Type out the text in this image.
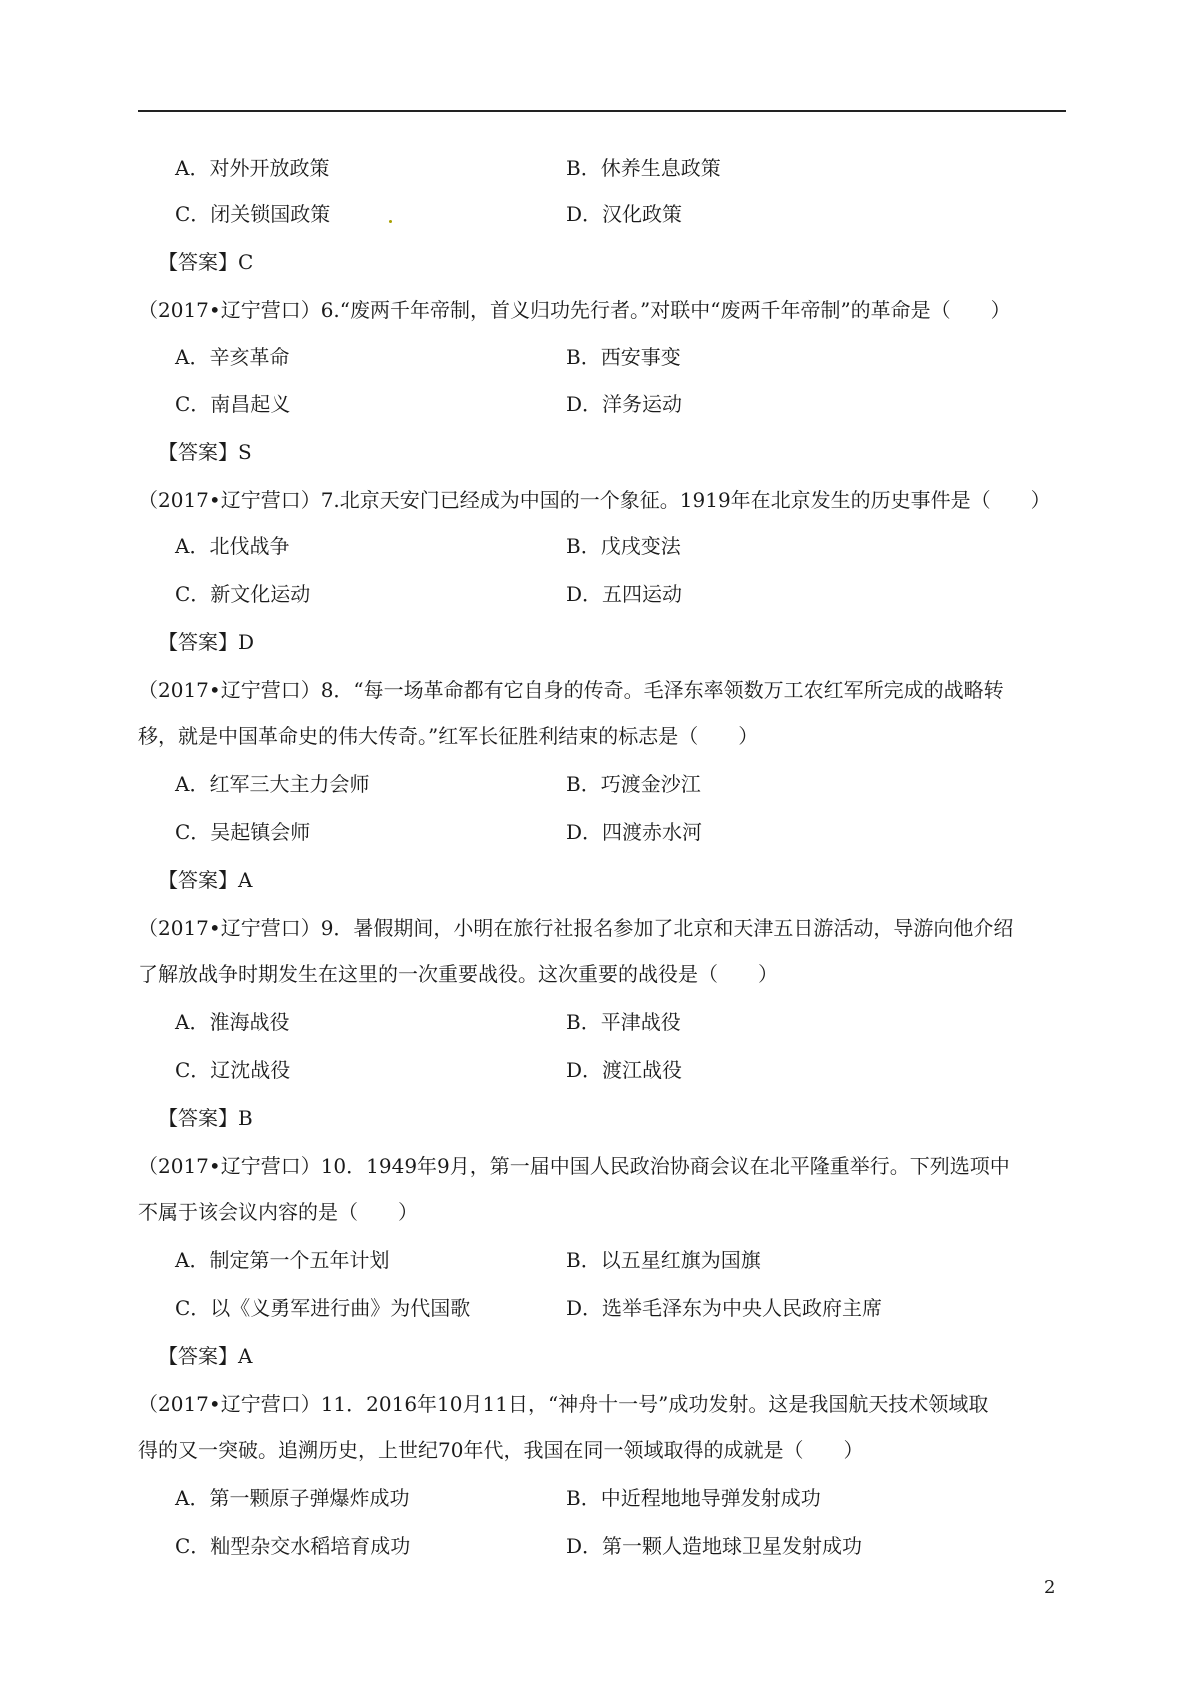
A．对外开放政策	B．休养生息政策
C．闭关锁国政策	D．汉化政策
【答案】C
（2017•辽宁营口）6.“废两千年帝制，首义归功先行者。”对联中“废两千年帝制”的革命是（　　）
A．辛亥革命	B．西安事变
C．南昌起义	D．洋务运动
【答案】S
（2017•辽宁营口）7.北京天安门已经成为中国的一个象征。1919年在北京发生的历史事件是（　　）
A．北伐战争	B．戊戌变法
C．新文化运动	D．五四运动
【答案】D
（2017•辽宁营口）8．“每一场革命都有它自身的传奇。毛泽东率领数万工农红军所完成的战略转
移，就是中国革命史的伟大传奇。”红军长征胜利结束的标志是（　　）
A．红军三大主力会师	B．巧渡金沙江
C．吴起镇会师	D．四渡赤水河
【答案】A
（2017•辽宁营口）9．暑假期间，小明在旅行社报名参加了北京和天津五日游活动，导游向他介绍
了解放战争时期发生在这里的一次重要战役。这次重要的战役是（　　）
A．淮海战役	B．平津战役
C．辽沈战役	D．渡江战役
【答案】B
（2017•辽宁营口）10．1949年9月，第一届中国人民政治协商会议在北平隆重举行。下列选项中
不属于该会议内容的是（　　）
A．制定第一个五年计划	B．以五星红旗为国旗
C．以《义勇军进行曲》为代国歌	D．选举毛泽东为中央人民政府主席
【答案】A
（2017•辽宁营口）11．2016年10月11日，“神舟十一号”成功发射。这是我国航天技术领域取
得的又一突破。追溯历史，上世纪70年代，我国在同一领域取得的成就是（　　）
A．第一颗原子弹爆炸成功	B．中近程地地导弹发射成功
C．籼型杂交水稻培育成功	D．第一颗人造地球卫星发射成功
2
